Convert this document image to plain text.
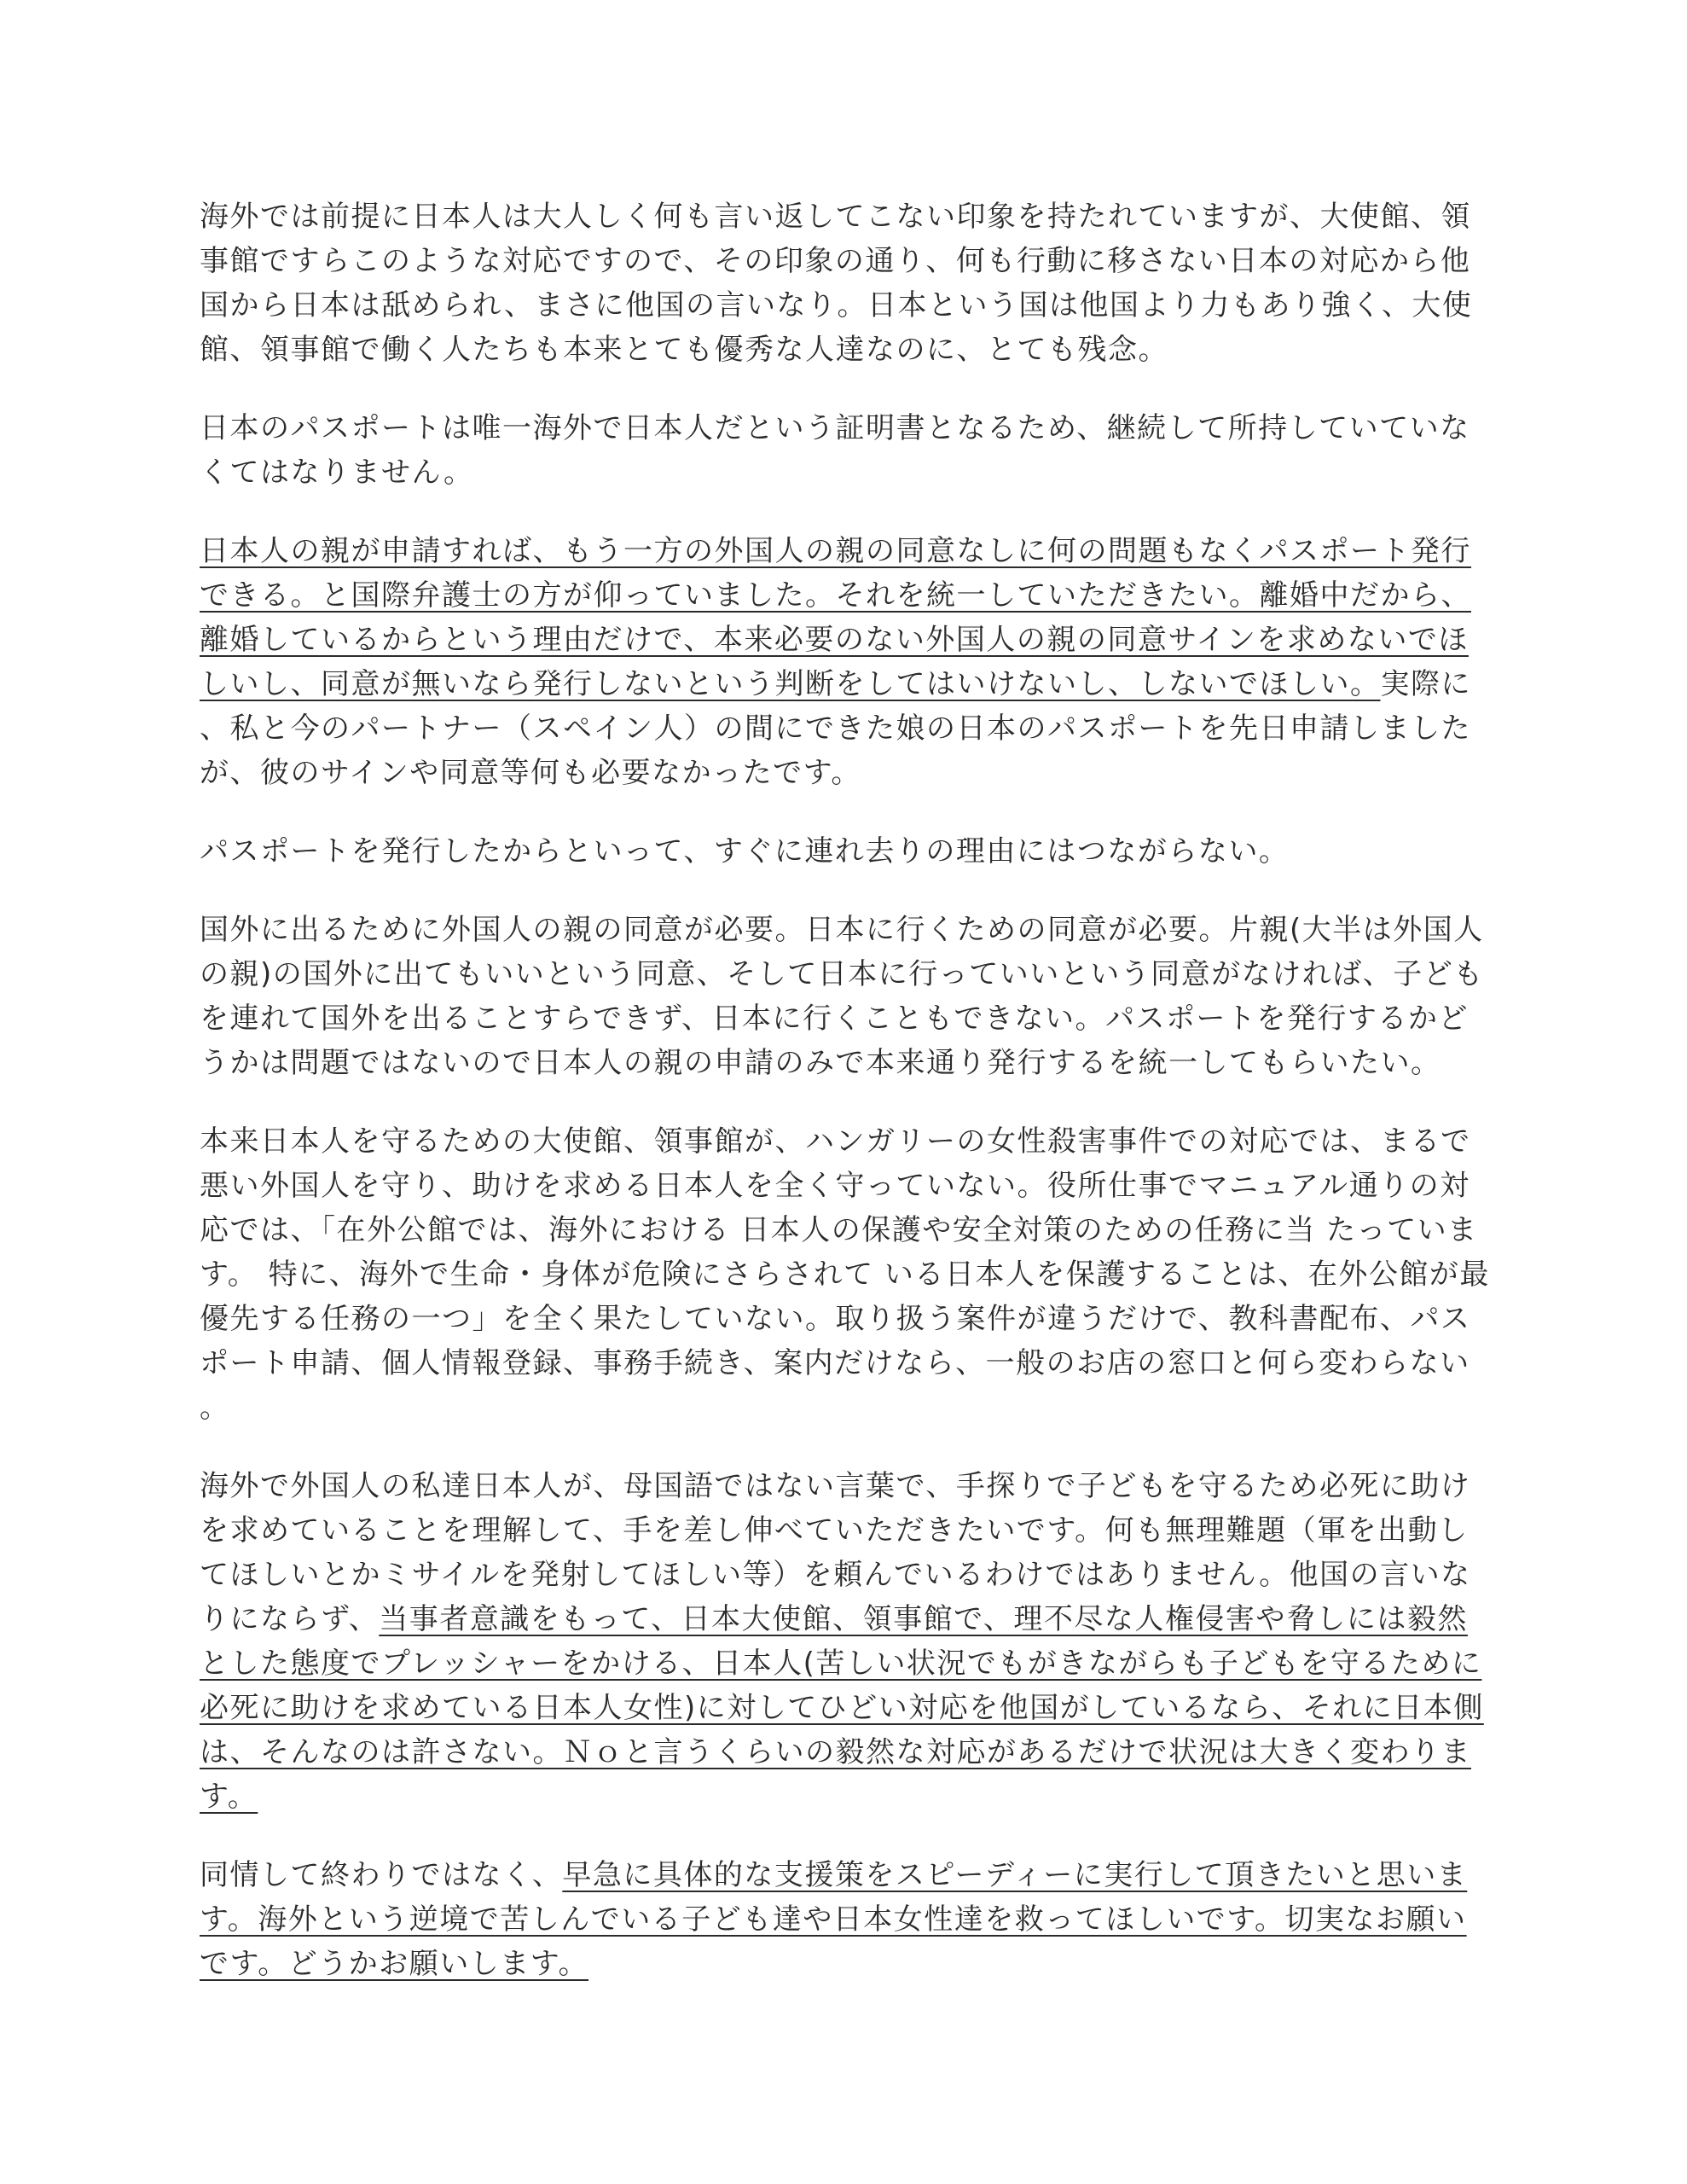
海外では前提に日本人は大人しく何も言い返してこない印象を持たれていますが、大使館、領事館ですらこのような対応ですので、その印象の通り、何も行動に移さない日本の対応から他国から日本は舐められ、まさに他国の言いなり。日本という国は他国より力もあり強く、大使館、領事館で働く人たちも本来とても優秀な人達なのに、とても残念。

日本のパスポートは唯一海外で日本人だという証明書となるため、継続して所持していていなくてはなりません。

日本人の親が申請すれば、もう一方の外国人の親の同意なしに何の問題もなくパスポート発行できる。と国際弁護士の方が仰っていました。それを統一していただきたい。離婚中だから、離婚しているからという理由だけで、本来必要のない外国人の親の同意サインを求めないでほしいし、同意が無いなら発行しないという判断をしてはいけないし、しないでほしい。実際に、私と今のパートナー（スペイン人）の間にできた娘の日本のパスポートを先日申請しましたが、彼のサインや同意等何も必要なかったです。

パスポートを発行したからといって、すぐに連れ去りの理由にはつながらない。

国外に出るために外国人の親の同意が必要。日本に行くための同意が必要。片親(大半は外国人の親)の国外に出てもいいという同意、そして日本に行っていいという同意がなければ、子どもを連れて国外を出ることすらできず、日本に行くこともできない。パスポートを発行するかどうかは問題ではないので日本人の親の申請のみで本来通り発行するを統一してもらいたい。

本来日本人を守るための大使館、領事館が、ハンガリーの女性殺害事件での対応では、まるで悪い外国人を守り、助けを求める日本人を全く守っていない。役所仕事でマニュアル通りの対応では、「在外公館では、海外における 日本人の保護や安全対策のための任務に当 たっています。 特に、海外で生命・身体が危険にさらされて いる日本人を保護することは、在外公館が最優先する任務の一つ」を全く果たしていない。取り扱う案件が違うだけで、教科書配布、パスポート申請、個人情報登録、事務手続き、案内だけなら、一般のお店の窓口と何ら変わらない。

海外で外国人の私達日本人が、母国語ではない言葉で、手探りで子どもを守るため必死に助けを求めていることを理解して、手を差し伸べていただきたいです。何も無理難題（軍を出動してほしいとかミサイルを発射してほしい等）を頼んでいるわけではありません。他国の言いなりにならず、当事者意識をもって、日本大使館、領事館で、理不尽な人権侵害や脅しには毅然とした態度でプレッシャーをかける、日本人(苦しい状況でもがきながらも子どもを守るために必死に助けを求めている日本人女性)に対してひどい対応を他国がしているなら、それに日本側は、そんなのは許さない。Ｎｏと言うくらいの毅然な対応があるだけで状況は大きく変わります。

同情して終わりではなく、早急に具体的な支援策をスピーディーに実行して頂きたいと思います。海外という逆境で苦しんでいる子ども達や日本女性達を救ってほしいです。切実なお願いです。どうかお願いします。
